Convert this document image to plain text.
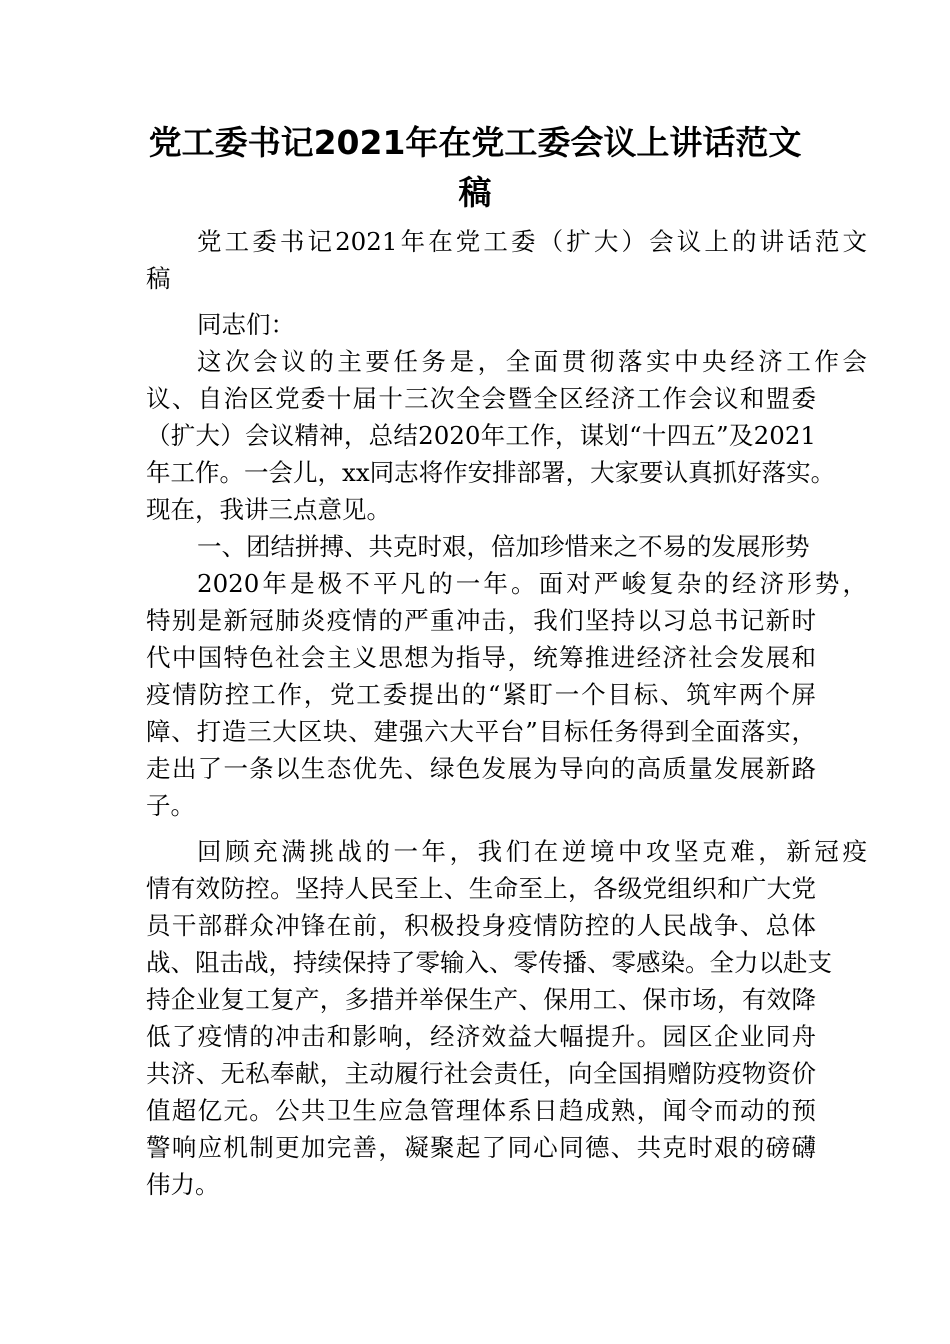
党工委书记2021年在党工委会议上讲话范文
稿
党工委书记2021年在党工委（扩大）会议上的讲话范文
稿
同志们：
这次会议的主要任务是，全面贯彻落实中央经济工作会
议、自治区党委十届十三次全会暨全区经济工作会议和盟委
（扩大）会议精神，总结2020年工作，谋划“十四五”及2021
年工作。一会儿，xx同志将作安排部署，大家要认真抓好落实。
现在，我讲三点意见。
一、团结拼搏、共克时艰，倍加珍惜来之不易的发展形势
2020年是极不平凡的一年。面对严峻复杂的经济形势，
特别是新冠肺炎疫情的严重冲击，我们坚持以习总书记新时
代中国特色社会主义思想为指导，统筹推进经济社会发展和
疫情防控工作，党工委提出的“紧盯一个目标、筑牢两个屏
障、打造三大区块、建强六大平台”目标任务得到全面落实，
走出了一条以生态优先、绿色发展为导向的高质量发展新路
子。
回顾充满挑战的一年，我们在逆境中攻坚克难，新冠疫
情有效防控。坚持人民至上、生命至上，各级党组织和广大党
员干部群众冲锋在前，积极投身疫情防控的人民战争、总体
战、阻击战，持续保持了零输入、零传播、零感染。全力以赴支
持企业复工复产，多措并举保生产、保用工、保市场，有效降
低了疫情的冲击和影响，经济效益大幅提升。园区企业同舟
共济、无私奉献，主动履行社会责任，向全国捐赠防疫物资价
值超亿元。公共卫生应急管理体系日趋成熟，闻令而动的预
警响应机制更加完善，凝聚起了同心同德、共克时艰的磅礴
伟力。
